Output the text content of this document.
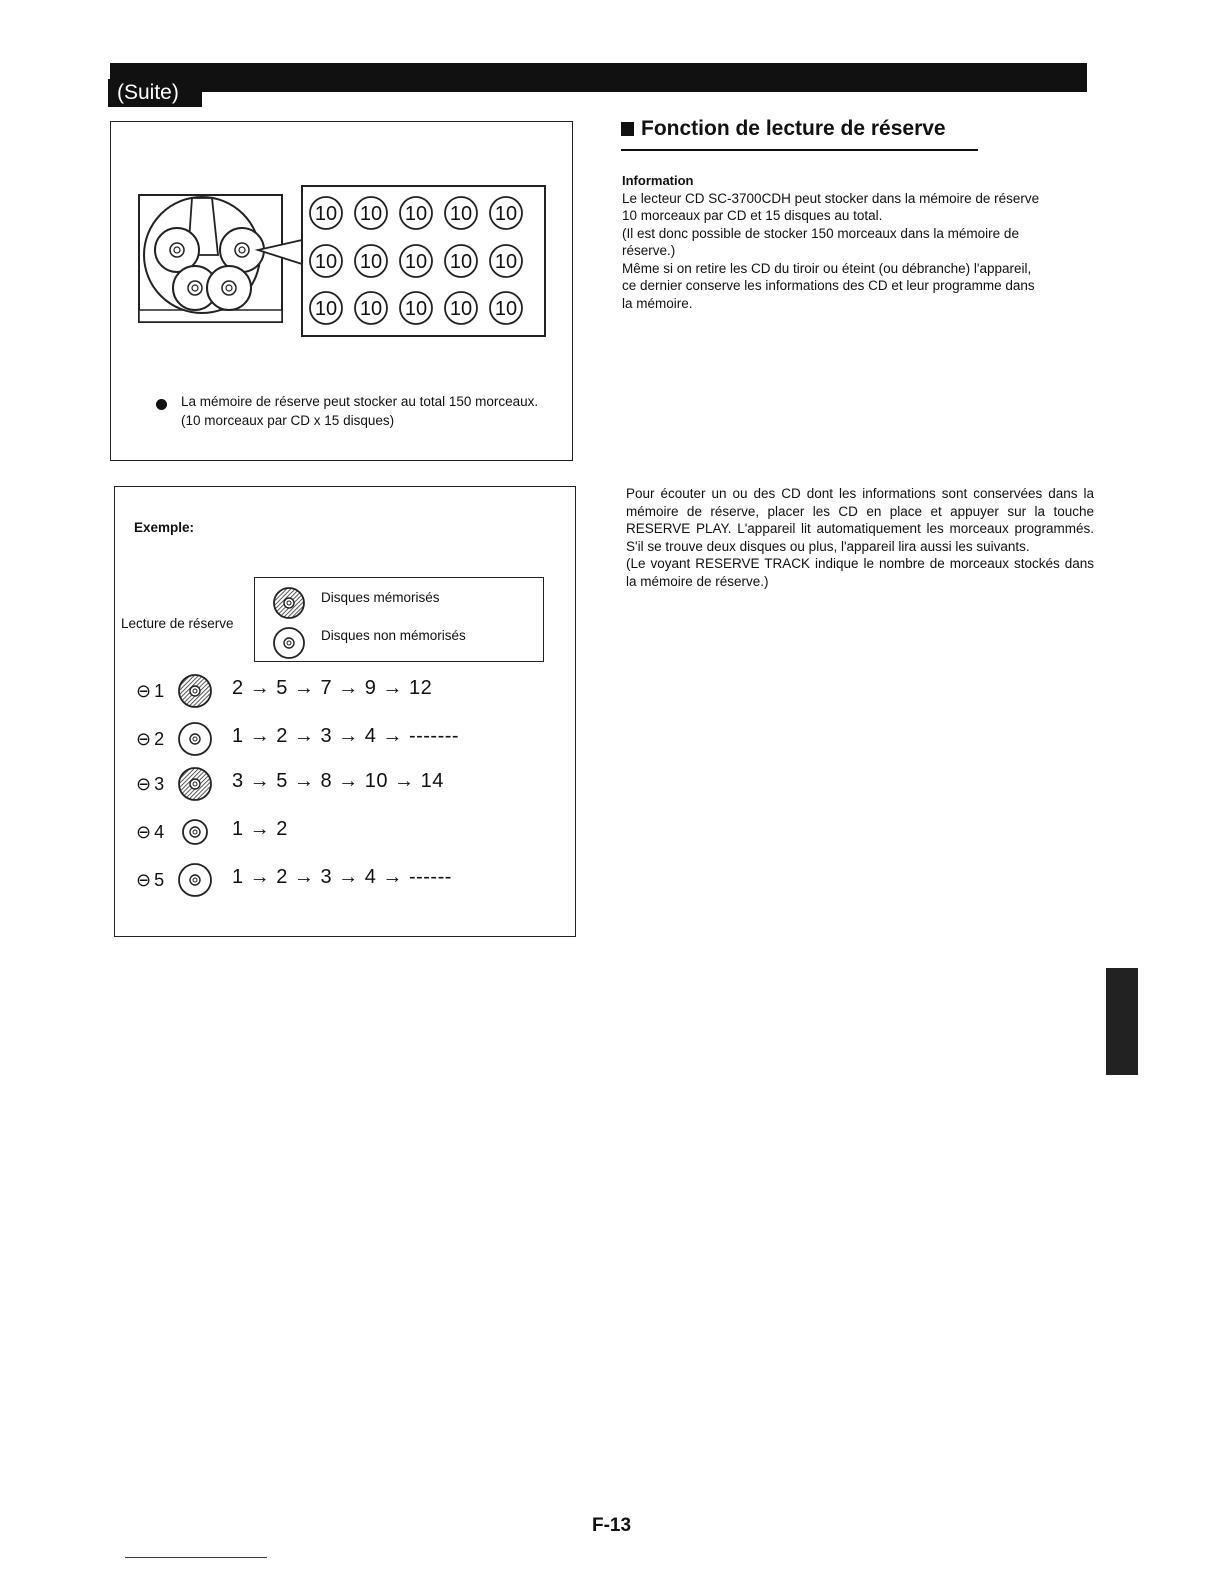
(Suite)
10 10 10 10 10
10 10 10 10 10
10 10 10 10 10
La mémoire de réserve peut stocker au total 150 morceaux. (10 morceaux par CD x 15 disques)
Fonction de lecture de réserve
Information

Le lecteur CD SC-3700CDH peut stocker dans la mémoire de réserve

10 morceaux par CD et 15 disques au total.

(Il est donc possible de stocker 150 morceaux dans la mémoire de

réserve.)

Même si on retire les CD du tiroir ou éteint (ou débranche) l'appareil,

ce dernier conserve les informations des CD et leur programme dans

la mémoire.

Pour écouter un ou des CD dont les informations sont conservées dans la mémoire de réserve, placer les CD en place et appuyer sur la touche RESERVE PLAY. L'appareil lit automatiquement les morceaux programmés. S'il se trouve deux disques ou plus, l'appareil lira aussi les suivants.

(Le voyant RESERVE TRACK indique le nombre de morceaux stockés dans la mémoire de réserve.)

Exemple:
Lecture de réserve
Disques mémorisés
Disques non mémorisés
⊖ 1	2 → 5 → 7 → 9 → 12
⊖ 2	1 → 2 → 3 → 4 → -------
⊖ 3	3 → 5 → 8 → 10 → 14
⊖ 4	1 → 2
⊖ 5	1 → 2 → 3 → 4 → ------
F-13
